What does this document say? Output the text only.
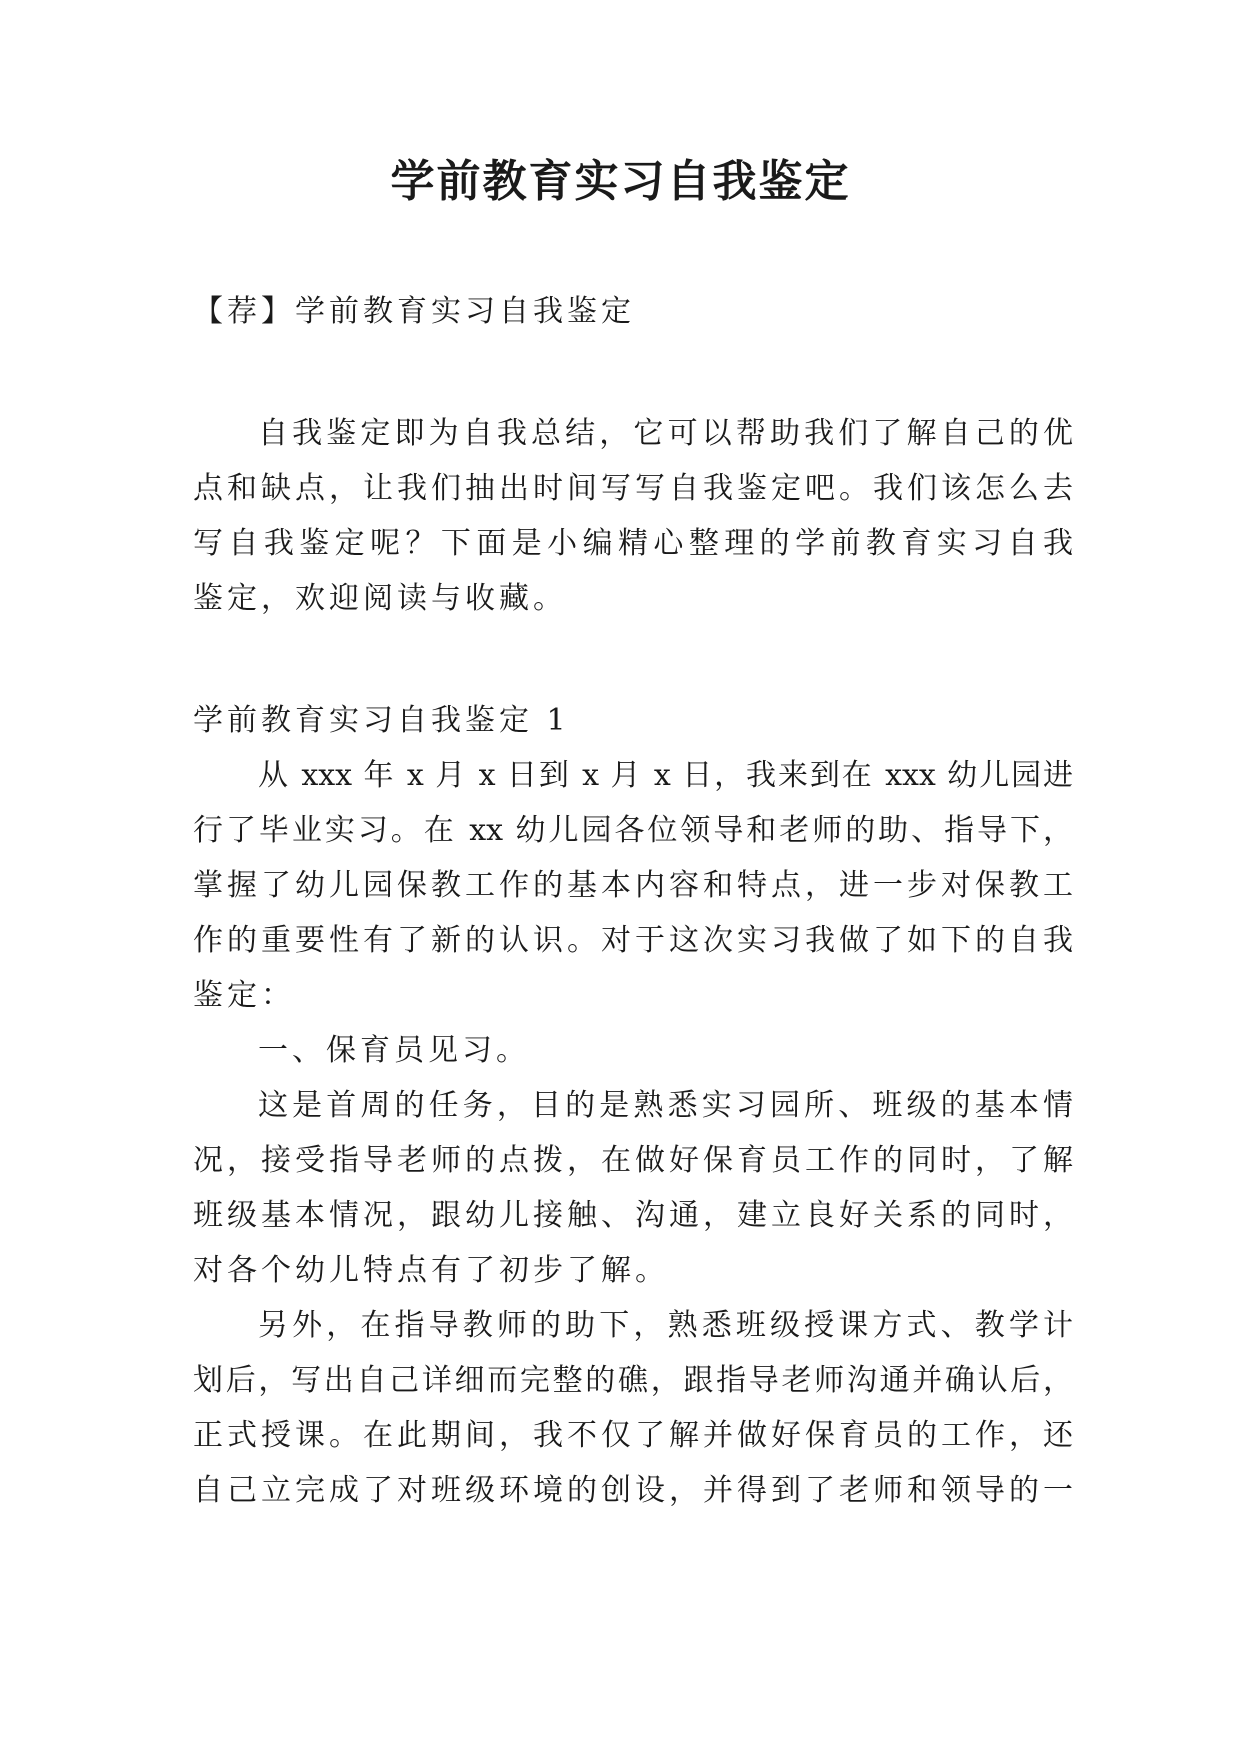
学前教育实习自我鉴定
【荐】学前教育实习自我鉴定
自我鉴定即为自我总结，它可以帮助我们了解自己的优
点和缺点，让我们抽出时间写写自我鉴定吧。我们该怎么去
写自我鉴定呢？下面是小编精心整理的学前教育实习自我
鉴定，欢迎阅读与收藏。
学前教育实习自我鉴定 1
从 xxx 年 x 月 x 日到 x 月 x 日，我来到在 xxx 幼儿园进
行了毕业实习。在 xx 幼儿园各位领导和老师的助、指导下，
掌握了幼儿园保教工作的基本内容和特点，进一步对保教工
作的重要性有了新的认识。对于这次实习我做了如下的自我
鉴定：
一、保育员见习。
这是首周的任务，目的是熟悉实习园所、班级的基本情
况，接受指导老师的点拨，在做好保育员工作的同时，了解
班级基本情况，跟幼儿接触、沟通，建立良好关系的同时，
对各个幼儿特点有了初步了解。
另外，在指导教师的助下，熟悉班级授课方式、教学计
划后，写出自己详细而完整的礁，跟指导老师沟通并确认后，
正式授课。在此期间，我不仅了解并做好保育员的工作，还
自己立完成了对班级环境的创设，并得到了老师和领导的一
